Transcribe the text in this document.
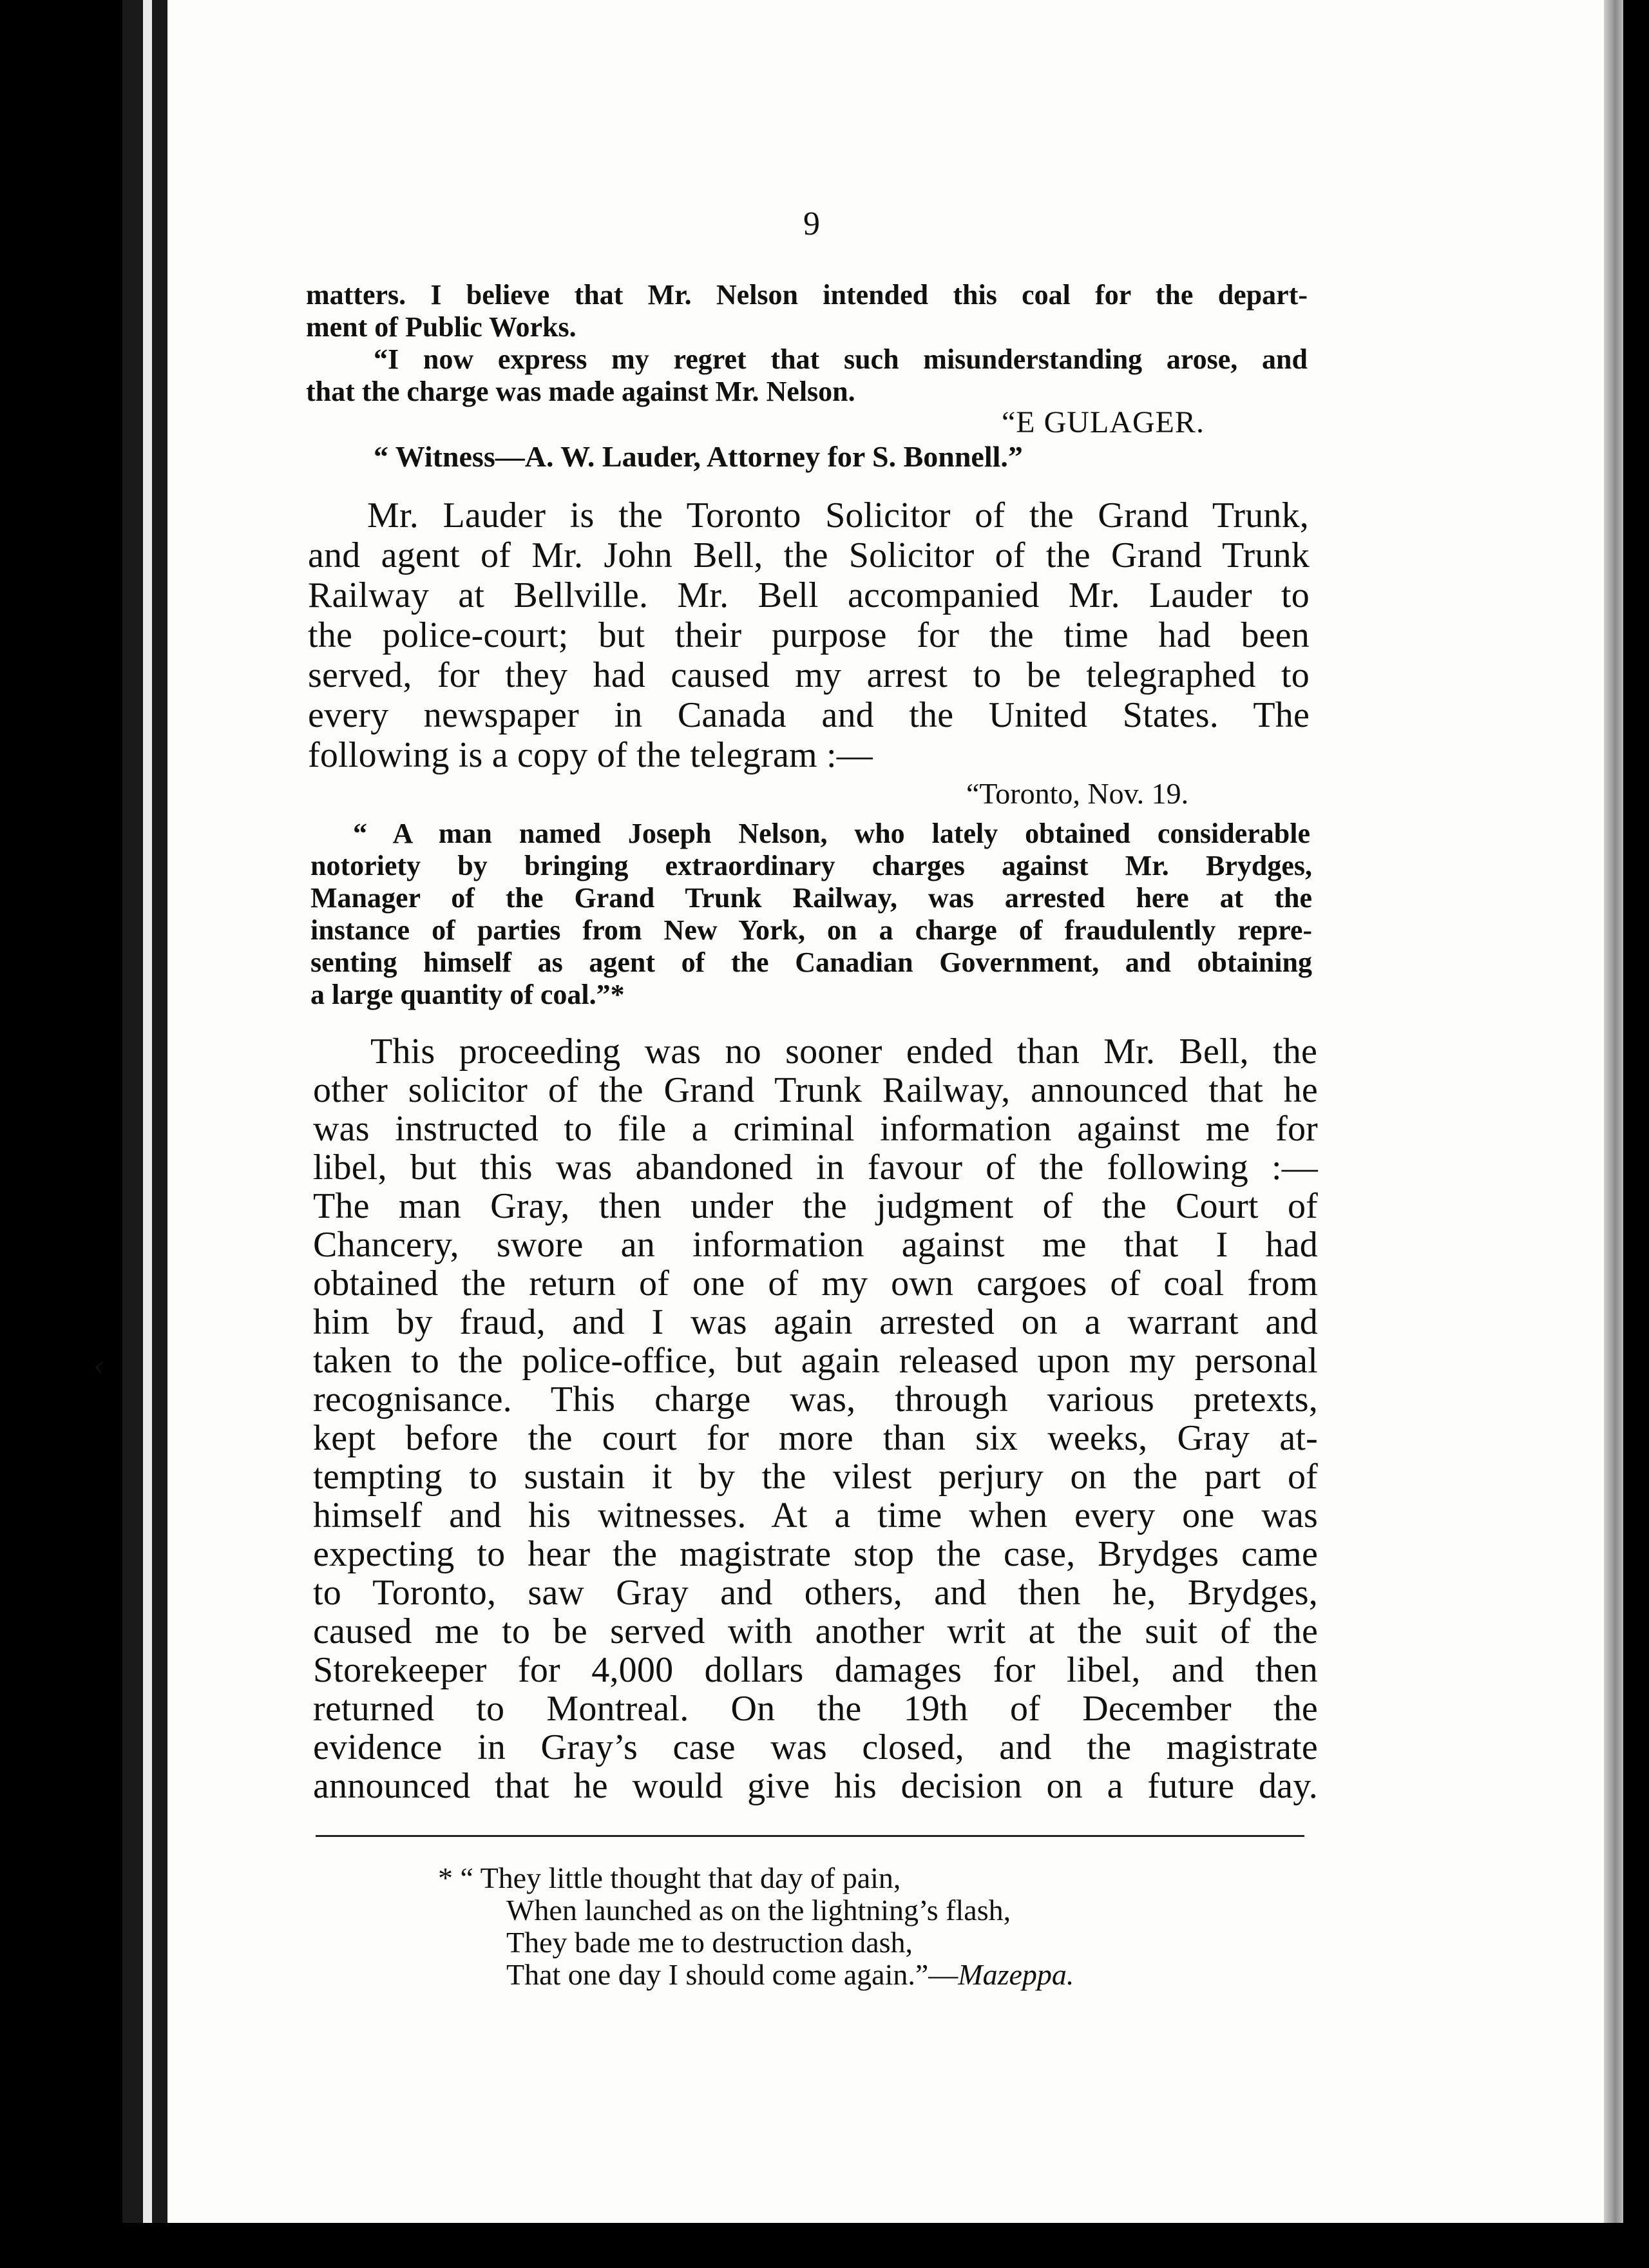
‹
9

matters. I believe that Mr. Nelson intended this coal for the depart-

ment of Public Works.

“I now express my regret that such misunderstanding arose, and

that the charge was made against Mr. Nelson.

“E GULAGER.

“ Witness—A. W. Lauder, Attorney for S. Bonnell.”

Mr. Lauder is the Toronto Solicitor of the Grand Trunk,

and agent of Mr. John Bell, the Solicitor of the Grand Trunk

Railway at Bellville. Mr. Bell accompanied Mr. Lauder to

the police-court; but their purpose for the time had been

served, for they had caused my arrest to be telegraphed to

every newspaper in Canada and the United States. The

following is a copy of the telegram :—

“Toronto, Nov. 19.

“ A man named Joseph Nelson, who lately obtained considerable

notoriety by bringing extraordinary charges against Mr. Brydges,

Manager of the Grand Trunk Railway, was arrested here at the

instance of parties from New York, on a charge of fraudulently repre-

senting himself as agent of the Canadian Government, and obtaining

a large quantity of coal.”*

This proceeding was no sooner ended than Mr. Bell, the

other solicitor of the Grand Trunk Railway, announced that he

was instructed to file a criminal information against me for

libel, but this was abandoned in favour of the following :—

The man Gray, then under the judgment of the Court of

Chancery, swore an information against me that I had

obtained the return of one of my own cargoes of coal from

him by fraud, and I was again arrested on a warrant and

taken to the police-office, but again released upon my personal

recognisance. This charge was, through various pretexts,

kept before the court for more than six weeks, Gray at-

tempting to sustain it by the vilest perjury on the part of

himself and his witnesses. At a time when every one was

expecting to hear the magistrate stop the case, Brydges came

to Toronto, saw Gray and others, and then he, Brydges,

caused me to be served with another writ at the suit of the

Storekeeper for 4,000 dollars damages for libel, and then

returned to Montreal. On the 19th of December the

evidence in Gray’s case was closed, and the magistrate

announced that he would give his decision on a future day.

* “ They little thought that day of pain,

When launched as on the lightning’s flash,

They bade me to destruction dash,

That one day I should come again.”—Mazeppa.
